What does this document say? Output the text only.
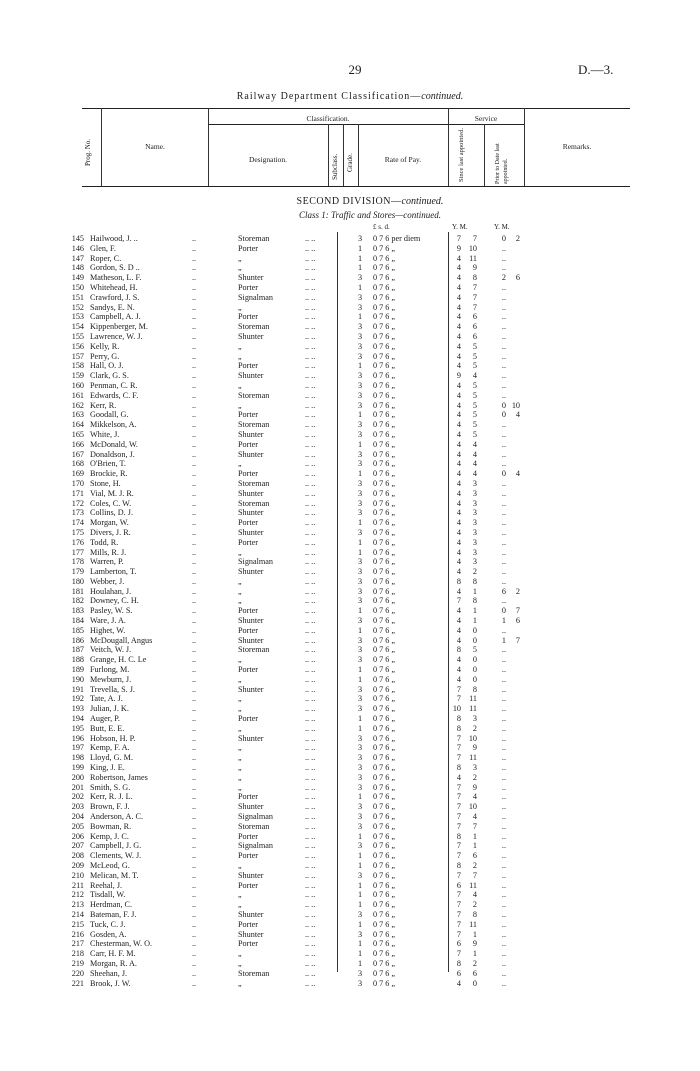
29	D.—3.
Railway Department Classification—continued.
Prog. No.	Name.
Classification.
Designation.	Subclass. Grade.	Rate of Pay.
Service
Since last appointed.	Prior to Date last appointed.
Remarks.
SECOND DIVISION—continued.
Class 1: Traffic and Stores—continued.
£ s. d.	Y. M.	Y. M.
145 Hailwood, J. ..	Storeman	3	0 7 6 per diem	7	7	0	2
..	.. ..
146 Glen, F.	Porter	1	0 7 6 „	9 10	..
..	.. ..
147 Roper, C.	„	1	0 7 6 „	4 11	..
..	.. ..
148 Gordon, S. D ..	„	1	0 7 6 „	4	9	..
..	.. ..
149 Matheson, L. F.	Shunter	3	0 7 6 „	4	8	2	6
..	.. ..
150 Whitehead, H.	Porter	1	0 7 6 „	4	7	..
..	.. ..
151 Crawford, J. S.	Signalman	3	0 7 6 „	4	7	..
..	.. ..
152 Sandys, E. N.	„	3	0 7 6 „	4	7	..
..	.. ..
153 Campbell, A. J.	Porter	1	0 7 6 „	4	6	..
..	.. ..
154 Kippenberger, M.	Storeman	3	0 7 6 „	4	6	..
..	.. ..
155 Lawrence, W. J.	Shunter	3	0 7 6 „	4	6	..
..	.. ..
156 Kelly, R.	„	3	0 7 6 „	4	5	..
..	.. ..
157 Perry, G.	„	3	0 7 6 „	4	5	..
..	.. ..
158 Hall, O. J.	Porter	1	0 7 6 „	4	5	..
..	.. ..
159 Clark, G. S.	Shunter	3	0 7 6 „	9	4	..
..	.. ..
160 Penman, C. R.	„	3	0 7 6 „	4	5	..
..	.. ..
161 Edwards, C. F.	Storeman	3	0 7 6 „	4	5	..
..	.. ..
162 Kerr, R.	„	3	0 7 6 „	4	5	0 10
..	.. ..
163 Goodall, G.	Porter	1	0 7 6 „	4	5	0	4
..	.. ..
164 Mikkelson, A.	Storeman	3	0 7 6 „	4	5	..
..	.. ..
165 White, J.	Shunter	3	0 7 6 „	4	5	..
..	.. ..
166 McDonald, W.	Porter	1	0 7 6 „	4	4	..
..	.. ..
167 Donaldson, J.	Shunter	3	0 7 6 „	4	4	..
..	.. ..
168 O'Brien, T.	„	3	0 7 6 „	4	4	..
..	.. ..
169 Brockie, R.	Porter	1	0 7 6 „	4	4	0	4
..	.. ..
170 Stone, H.	Storeman	3	0 7 6 „	4	3	..
..	.. ..
171 Vial, M. J. R.	Shunter	3	0 7 6 „	4	3	..
..	.. ..
172 Coles, C. W.	Storeman	3	0 7 6 „	4	3	..
..	.. ..
173 Collins, D. J.	Shunter	3	0 7 6 „	4	3	..
..	.. ..
174 Morgan, W.	Porter	1	0 7 6 „	4	3	..
..	.. ..
175 Divers, J. R.	Shunter	3	0 7 6 „	4	3	..
..	.. ..
176 Todd, R.	Porter	1	0 7 6 „	4	3	..
..	.. ..
177 Mills, R. J.	„	1	0 7 6 „	4	3	..
..	.. ..
178 Warren, P.	Signalman	3	0 7 6 „	4	3	..
..	.. ..
179 Lamberton, T.	Shunter	3	0 7 6 „	4	2	..
..	.. ..
180 Webber, J.	„	3	0 7 6 „	8	8	..
..	.. ..
181 Houlahan, J.	„	3	0 7 6 „	4	1	6	2
..	.. ..
182 Downey, C. H.	„	3	0 7 6 „	7	8	..
..	.. ..
183 Pasley, W. S.	Porter	1	0 7 6 „	4	1	0	7
..	.. ..
184 Ware, J. A.	Shunter	3	0 7 6 „	4	1	1	6
..	.. ..
185 Highet, W.	Porter	1	0 7 6 „	4	0	..
..	.. ..
186 McDougall, Angus	Shunter	3	0 7 6 „	4	0	1	7
..	.. ..
187 Veitch, W. J.	Storeman	3	0 7 6 „	8	5	..
..	.. ..
188 Grange, H. C. Le	„	3	0 7 6 „	4	0	..
..	.. ..
189 Furlong, M.	Porter	1	0 7 6 „	4	0	..
..	.. ..
190 Mewburn, J.	„	1	0 7 6 „	4	0	..
..	.. ..
191 Trevella, S. J.	Shunter	3	0 7 6 „	7	8	..
..	.. ..
192 Tate, A. J.	„	3	0 7 6 „	7 11	..
..	.. ..
193 Julian, J. K.	„	3	0 7 6 „	10 11	..
..	.. ..
194 Auger, P.	Porter	1	0 7 6 „	8	3	..
..	.. ..
195 Butt, E. E.	„	1	0 7 6 „	8	2	..
..	.. ..
196 Hobson, H. P.	Shunter	3	0 7 6 „	7 10	..
..	.. ..
197 Kemp, F. A.	„	3	0 7 6 „	7	9	..
..	.. ..
198 Lloyd, G. M.	„	3	0 7 6 „	7 11	..
..	.. ..
199 King, J. E.	„	3	0 7 6 „	8	3	..
..	.. ..
200 Robertson, James	„	3	0 7 6 „	4	2	..
..	.. ..
201 Smith, S. G.	„	3	0 7 6 „	7	9	..
..	.. ..
202 Kerr, R. J. L.	Porter	1	0 7 6 „	7	4	..
..	.. ..
203 Brown, F. J.	Shunter	3	0 7 6 „	7 10	..
..	.. ..
204 Anderson, A. C.	Signalman	3	0 7 6 „	7	4	..
..	.. ..
205 Bowman, R.	Storeman	3	0 7 6 „	7	7	..
..	.. ..
206 Kemp, J. C.	Porter	1	0 7 6 „	8	1	..
..	.. ..
207 Campbell, J. G.	Signalman	3	0 7 6 „	7	1	..
..	.. ..
208 Clements, W. J.	Porter	1	0 7 6 „	7	6	..
..	.. ..
209 McLeod, G.	„	1	0 7 6 „	8	2	..
..	.. ..
210 Melican, M. T.	Shunter	3	0 7 6 „	7	7	..
..	.. ..
211 Reehal, J.	Porter	1	0 7 6 „	6 11	..
..	.. ..
212 Tisdall, W.	„	1	0 7 6 „	7	4	..
..	.. ..
213 Herdman, C.	„	1	0 7 6 „	7	2	..
..	.. ..
214 Bateman, F. J.	Shunter	3	0 7 6 „	7	8	..
..	.. ..
215 Tuck, C. J.	Porter	1	0 7 6 „	7 11	..
..	.. ..
216 Gosden, A.	Shunter	3	0 7 6 „	7	1	..
..	.. ..
217 Chesterman, W. O.	Porter	1	0 7 6 „	6	9	..
..	.. ..
218 Carr, H. F. M.	„	1	0 7 6 „	7	1	..
..	.. ..
219 Morgan, R. A.	„	1	0 7 6 „	8	2	..
..	.. ..
220 Sheehan, J.	Storeman	3	0 7 6 „	6	6	..
..	.. ..
221 Brook, J. W.	„	3	0 7 6 „	4	0	..
..	.. ..
